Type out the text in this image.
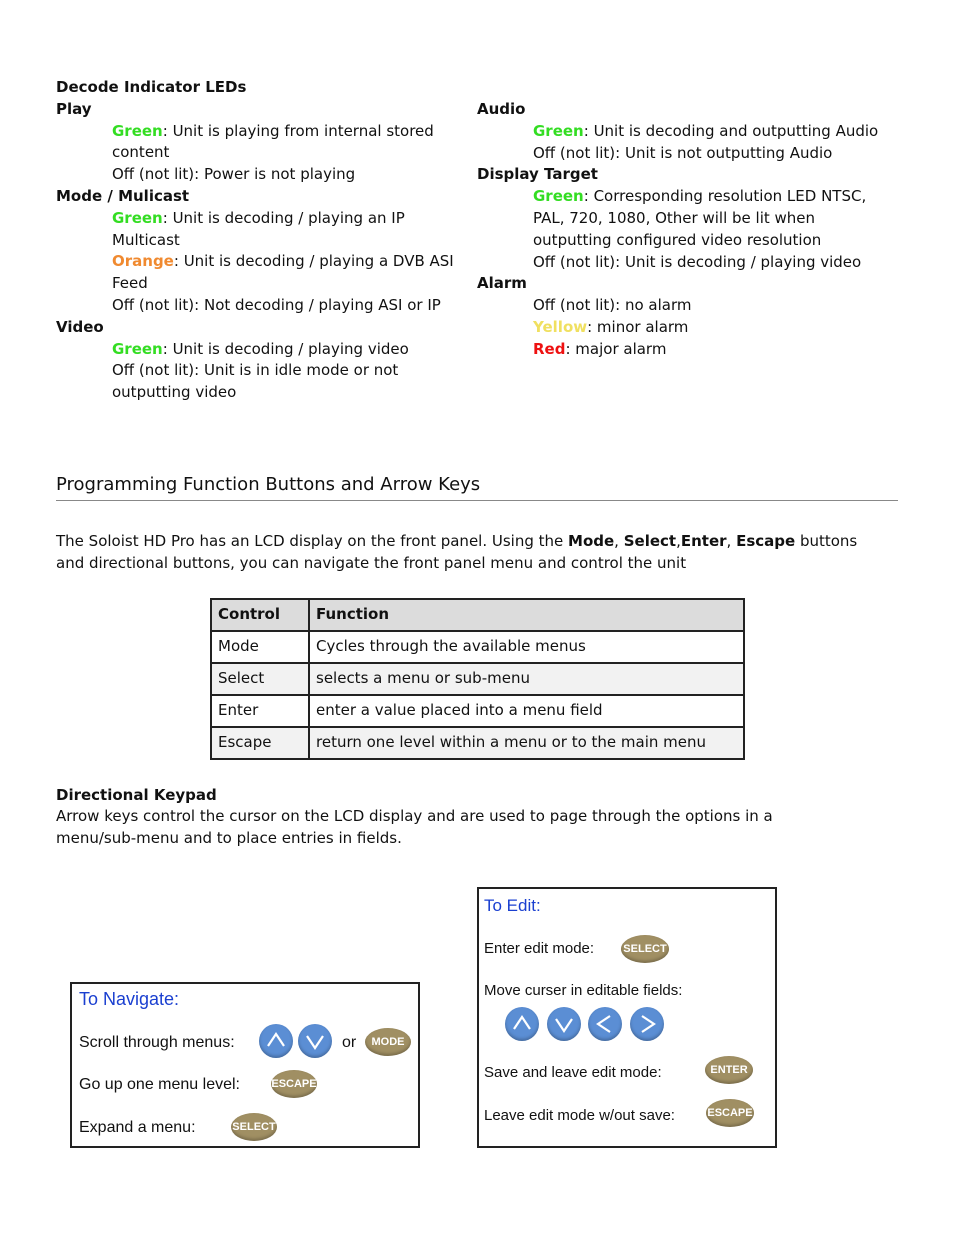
Decode Indicator LEDs

Play

Green: Unit is playing from internal stored

content

Off (not lit): Power is not playing

Mode / Mulicast

Green: Unit is decoding / playing an IP

Multicast

Orange: Unit is decoding / playing a DVB ASI

Feed

Off (not lit): Not decoding / playing ASI or IP

Video

Green: Unit is decoding / playing video

Off (not lit): Unit is in idle mode or not

outputting video

Audio

Green: Unit is decoding and outputting Audio

Off (not lit): Unit is not outputting Audio

Display Target

Green: Corresponding resolution LED NTSC,

PAL, 720, 1080, Other will be lit when

outputting configured video resolution

Off (not lit): Unit is decoding / playing video

Alarm

Off (not lit): no alarm

Yellow: minor alarm

Red: major alarm

Programming Function Buttons and Arrow Keys

The Soloist HD Pro has an LCD display on the front panel. Using the Mode, Select,Enter, Escape buttons
and directional buttons, you can navigate the front panel menu and control the unit

Control	Function
Mode	Cycles through the available menus
Select	selects a menu or sub-menu
Enter	enter a value placed into a menu field
Escape	return one level within a menu or to the main menu

Directional Keypad

Arrow keys control the cursor on the LCD display and are used to page through the options in a
menu/sub-menu and to place entries in fields.

To Navigate:
Scroll through menus:	or	MODE
Go up one menu level:	ESCAPE
Expand a menu:	SELECT
To Edit:
Enter edit mode:	SELECT
Move curser in editable fields:
Save and leave edit mode:	ENTER
Leave edit mode w/out save:	ESCAPE
